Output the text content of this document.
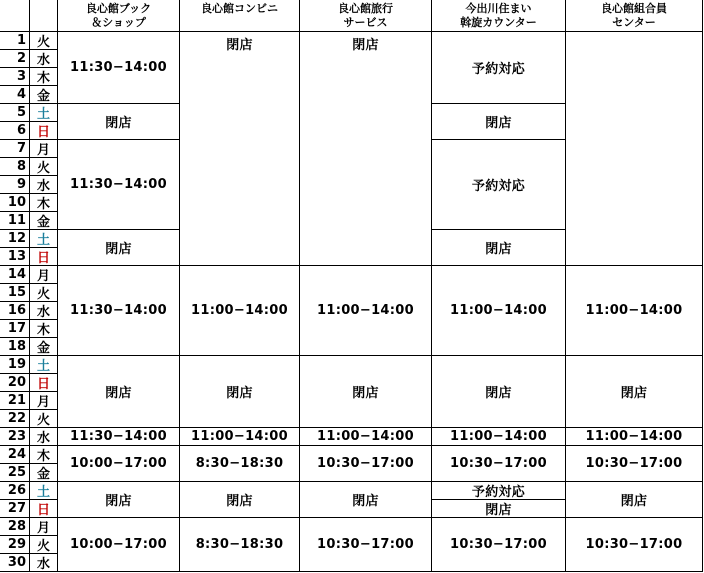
良心館ブック
＆ショップ
良心館コンビニ	良心館旅行
サービス
今出川住まい
斡旋カウンター
良心館組合員
センター
1 火
2 水
3 木
4 金
5 土
6 日
7 月
8 火
9 水
10 木
11 金
12 土
13 日
14 月
15 火
16 水
17 木
18 金
19 土
20 日
21 月
22 火
23 水
24 木
25 金
26 土
27 日
28 月
29 火
30 水
11:30−14:00
閉店
11:30−14:00
閉店
11:30−14:00
閉店
11:30−14:00
10:00−17:00
閉店
10:00−17:00
閉店
11:00−14:00
閉店
11:00−14:00
8:30−18:30
閉店
8:30−18:30
閉店
11:00−14:00
閉店
11:00−14:00
10:30−17:00
閉店
10:30−17:00
予約対応
閉店
予約対応
閉店
11:00−14:00
閉店
11:00−14:00
10:30−17:00
予約対応
閉店
10:30−17:00
11:00−14:00
閉店
11:00−14:00
10:30−17:00
閉店
10:30−17:00
